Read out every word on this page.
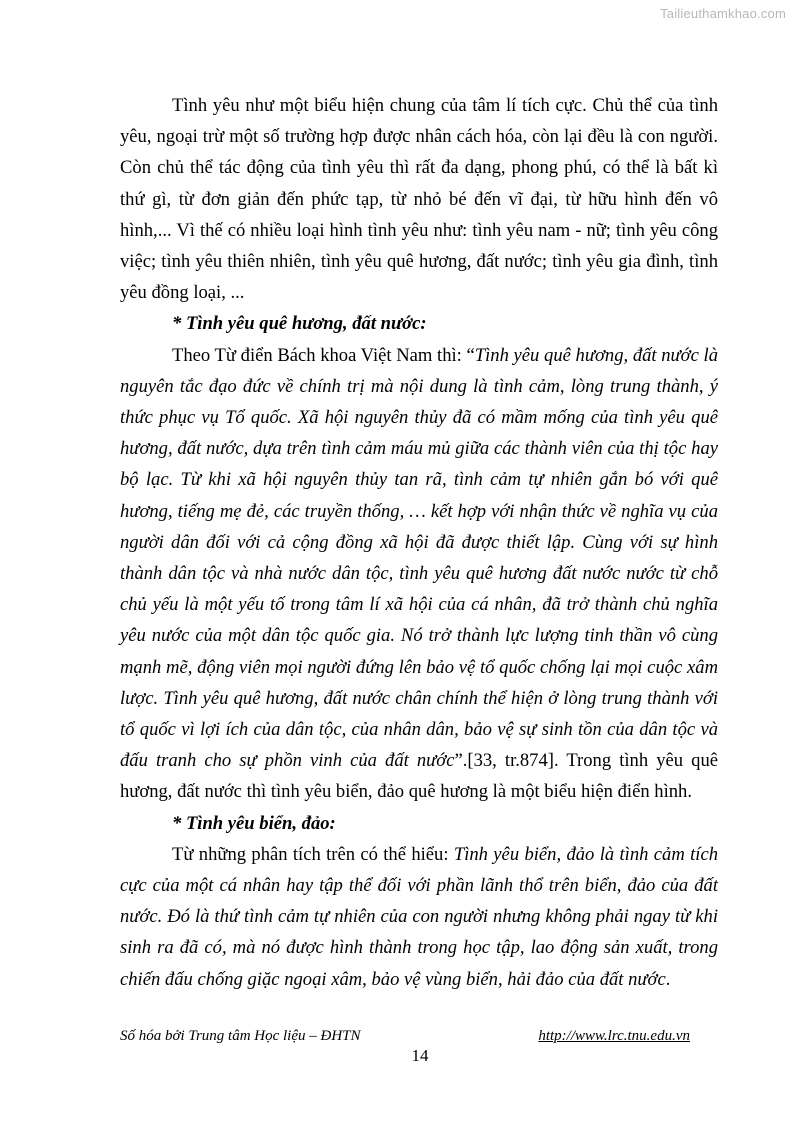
Tailieuthamkhao.com

Tình yêu như một biểu hiện chung của tâm lí tích cực. Chủ thể của tình yêu, ngoại trừ một số trường hợp được nhân cách hóa, còn lại đều là con người. Còn chủ thể tác động của tình yêu thì rất đa dạng, phong phú, có thể là bất kì thứ gì, từ đơn giản đến phức tạp, từ nhỏ bé đến vĩ đại, từ hữu hình đến vô hình,... Vì thế có nhiều loại hình tình yêu như: tình yêu nam - nữ; tình yêu công việc; tình yêu thiên nhiên, tình yêu quê hương, đất nước; tình yêu gia đình, tình yêu đồng loại, ...

* Tình yêu quê hương, đất nước:

Theo Từ điển Bách khoa Việt Nam thì: “Tình yêu quê hương, đất nước là nguyên tắc đạo đức về chính trị mà nội dung là tình cảm, lòng trung thành, ý thức phục vụ Tổ quốc. Xã hội nguyên thủy đã có mầm mống của tình yêu quê hương, đất nước, dựa trên tình cảm máu mủ giữa các thành viên của thị tộc hay bộ lạc. Từ khi xã hội nguyên thủy tan rã, tình cảm tự nhiên gắn bó với quê hương, tiếng mẹ đẻ, các truyền thống, … kết hợp với nhận thức về nghĩa vụ của người dân đối với cả cộng đồng xã hội đã được thiết lập. Cùng với sự hình thành dân tộc và nhà nước dân tộc, tình yêu quê hương đất nước nước từ chỗ chủ yếu là một yếu tố trong tâm lí xã hội của cá nhân, đã trở thành chủ nghĩa yêu nước của một dân tộc quốc gia. Nó trở thành lực lượng tinh thần vô cùng mạnh mẽ, động viên mọi người đứng lên bảo vệ tổ quốc chống lại mọi cuộc xâm lược. Tình yêu quê hương, đất nước chân chính thể hiện ở lòng trung thành với tổ quốc vì lợi ích của dân tộc, của nhân dân, bảo vệ sự sinh tồn của dân tộc và đấu tranh cho sự phồn vinh của đất nước”.[33, tr.874]. Trong tình yêu quê hương, đất nước thì tình yêu biển, đảo quê hương là một biểu hiện điển hình.

* Tình yêu biển, đảo:

Từ những phân tích trên có thể hiểu: Tình yêu biển, đảo là tình cảm tích cực của một cá nhân hay tập thể đối với phần lãnh thổ trên biển, đảo của đất nước. Đó là thứ tình cảm tự nhiên của con người nhưng không phải ngay từ khi sinh ra đã có, mà nó được hình thành trong học tập, lao động sản xuất, trong chiến đấu chống giặc ngoại xâm, bảo vệ vùng biển, hải đảo của đất nước.

Số hóa bởi Trung tâm Học liệu – ĐHTN	http://www.lrc.tnu.edu.vn
14
